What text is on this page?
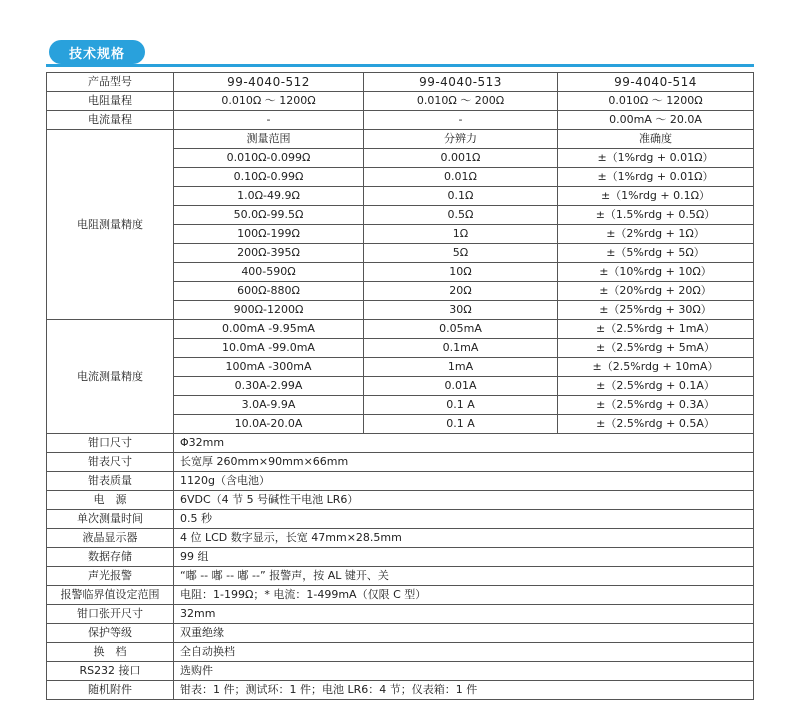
技术规格
产品型号	99-4040-512	99-4040-513	99-4040-514
电阻量程	0.010Ω ～ 1200Ω	0.010Ω ～ 200Ω	0.010Ω ～ 1200Ω
电流量程	-	-	0.00mA ～ 20.0A
电阻测量精度	测量范围	分辨力	准确度
	0.010Ω-0.099Ω	0.001Ω	±（1%rdg + 0.01Ω）
	0.10Ω-0.99Ω	0.01Ω	±（1%rdg + 0.01Ω）
	1.0Ω-49.9Ω	0.1Ω	±（1%rdg + 0.1Ω）
	50.0Ω-99.5Ω	0.5Ω	±（1.5%rdg + 0.5Ω）
	100Ω-199Ω	1Ω	±（2%rdg + 1Ω）
	200Ω-395Ω	5Ω	±（5%rdg + 5Ω）
	400-590Ω	10Ω	±（10%rdg + 10Ω）
	600Ω-880Ω	20Ω	±（20%rdg + 20Ω）
	900Ω-1200Ω	30Ω	±（25%rdg + 30Ω）
电流测量精度	0.00mA -9.95mA	0.05mA	±（2.5%rdg + 1mA）
	10.0mA -99.0mA	0.1mA	±（2.5%rdg + 5mA）
	100mA -300mA	1mA	±（2.5%rdg + 10mA）
	0.30A-2.99A	0.01A	±（2.5%rdg + 0.1A）
	3.0A-9.9A	0.1 A	±（2.5%rdg + 0.3A）
	10.0A-20.0A	0.1 A	±（2.5%rdg + 0.5A）
钳口尺寸	Φ32mm		
钳表尺寸	长宽厚 260mm×90mm×66mm		
钳表质量	1120g（含电池）		
电　源	6VDC（4 节 5 号碱性干电池 LR6）		
单次测量时间	0.5 秒		
液晶显示器	4 位 LCD 数字显示，长宽 47mm×28.5mm		
数据存储	99 组		
声光报警	“嘟 -- 嘟 -- 嘟 --” 报警声，按 AL 键开、关		
报警临界值设定范围	电阻：1-199Ω；* 电流：1-499mA（仅限 C 型）		
钳口张开尺寸	32mm		
保护等级	双重绝缘		
换　档	全自动换档		
RS232 接口	选购件		
随机附件	钳表：1 件；测试环：1 件；电池 LR6：4 节；仪表箱：1 件		
